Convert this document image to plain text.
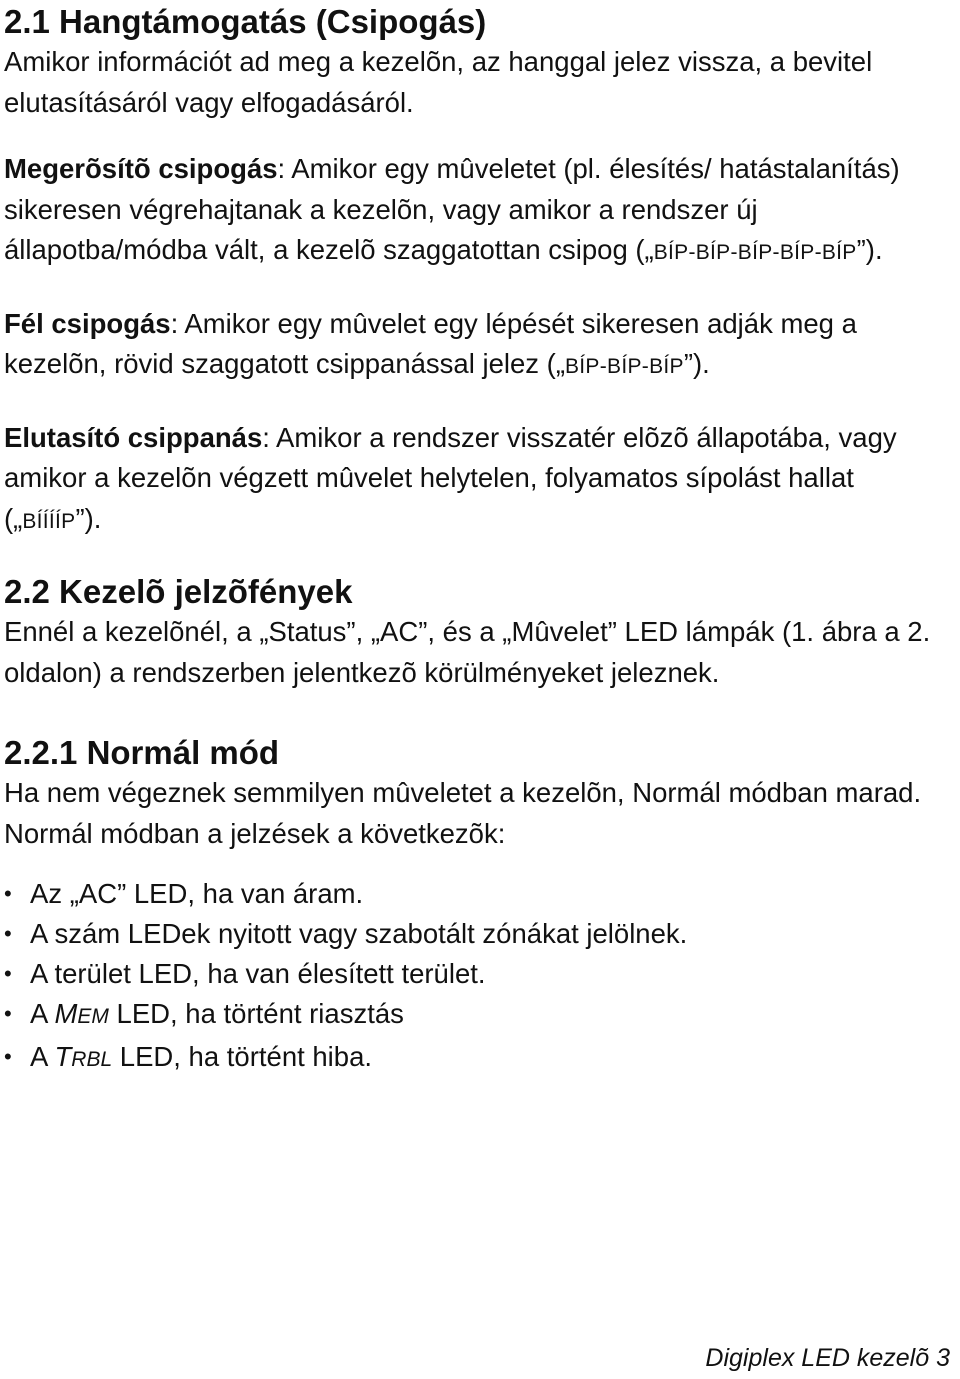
2.1 Hangtámogatás (Csipogás)

Amikor információt ad meg a kezelõn, az hanggal jelez vissza, a bevitel elutasításáról vagy elfogadásáról.

Megerõsítõ csipogás: Amikor egy mûveletet (pl. élesítés/ hatástalanítás) sikeresen végrehajtanak a kezelõn, vagy amikor a rendszer új állapotba/módba vált, a kezelõ szaggatottan csipog („BÍP-BÍP-BÍP-BÍP-BÍP”).

Fél csipogás: Amikor egy mûvelet egy lépését sikeresen adják meg a kezelõn, rövid szaggatott csippanással jelez („BÍP-BÍP-BÍP”).

Elutasító csippanás: Amikor a rendszer visszatér elõzõ állapotába, vagy amikor a kezelõn végzett mûvelet helytelen, folyamatos sípolást hallat („BÍÍÍÍP”).

2.2 Kezelõ jelzõfények

Ennél a kezelõnél, a „Status”, „AC”, és a „Mûvelet” LED lámpák (1. ábra a 2. oldalon) a rendszerben jelentkezõ körülményeket jeleznek.

2.2.1 Normál mód

Ha nem végeznek semmilyen mûveletet a kezelõn, Normál módban marad. Normál módban a jelzések a következõk:

• Az „AC” LED, ha van áram.
• A szám LEDek nyitott vagy szabotált zónákat jelölnek.
• A terület LED, ha van élesített terület.
• A MEM LED, ha történt riasztás
• A TRBL LED, ha történt hiba.
Digiplex LED kezelõ 3
